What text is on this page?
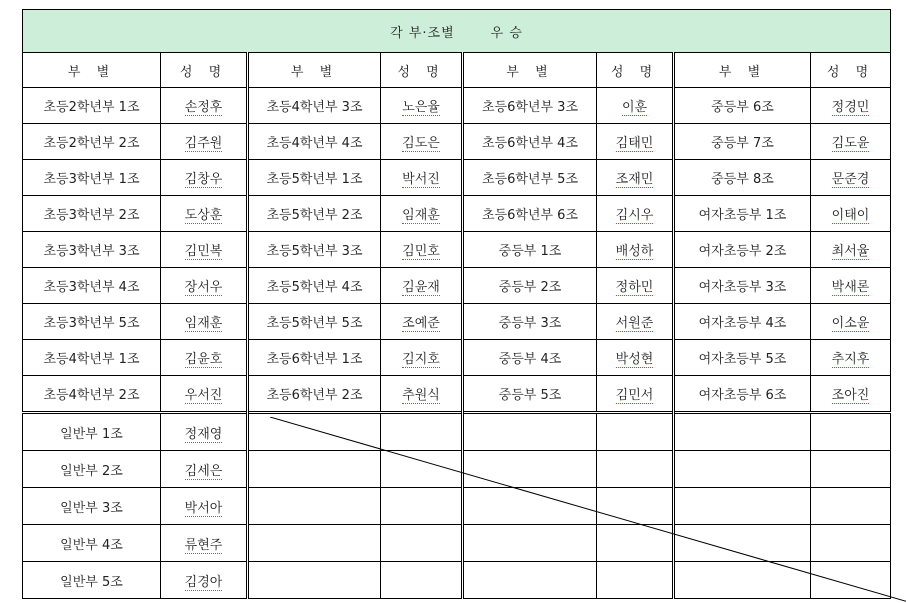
각 부·조별 우 승							
부 별	성 명	부 별	성 명	부 별	성 명	부 별	성 명
초등2학년부 1조	손정후	초등4학년부 3조	노은율	초등6학년부 3조	이훈	중등부 6조	정경민
초등2학년부 2조	김주원	초등4학년부 4조	김도은	초등6학년부 4조	김태민	중등부 7조	김도윤
초등3학년부 1조	김창우	초등5학년부 1조	박서진	초등6학년부 5조	조재민	중등부 8조	문준경
초등3학년부 2조	도상훈	초등5학년부 2조	임재훈	초등6학년부 6조	김시우	여자초등부 1조	이태이
초등3학년부 3조	김민복	초등5학년부 3조	김민호	중등부 1조	배성하	여자초등부 2조	최서율
초등3학년부 4조	장서우	초등5학년부 4조	김윤재	중등부 2조	정하민	여자초등부 3조	박새론
초등3학년부 5조	임재훈	초등5학년부 5조	조예준	중등부 3조	서원준	여자초등부 4조	이소윤
초등4학년부 1조	김윤호	초등6학년부 1조	김지호	중등부 4조	박성현	여자초등부 5조	추지후
초등4학년부 2조	우서진	초등6학년부 2조	추원식	중등부 5조	김민서	여자초등부 6조	조아진
일반부 1조	정재영						
일반부 2조	김세은						
일반부 3조	박서아						
일반부 4조	류현주						
일반부 5조	김경아						
